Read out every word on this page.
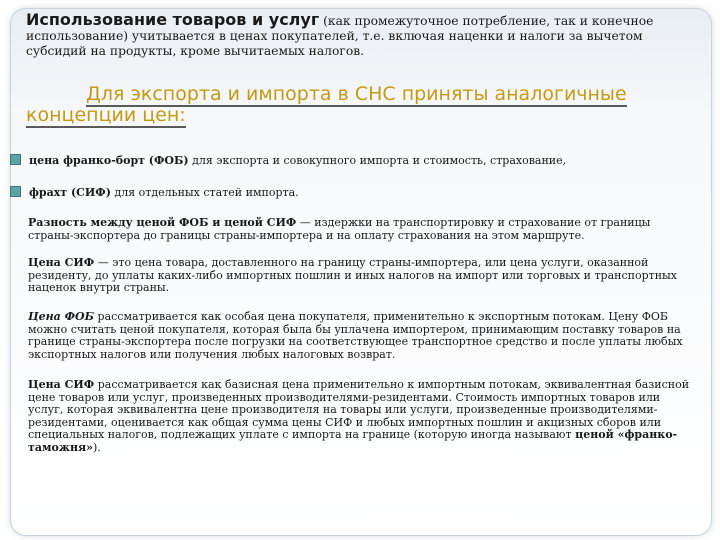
Использование товаров и услуг (как промежуточное потребление, так и конечное использование) учитывается в ценах покупателей, т.е. включая наценки и налоги за вычетом субсидий на продукты, кроме вычитаемых налогов.
Для экспорта и импорта в СНС приняты аналогичные
концепции цен:
цена франко-борт (ФОБ) для экспорта и совокупного импорта и стоимость, страхование,
фрахт (СИФ) для отдельных статей импорта.
Разность между ценой ФОБ и ценой СИФ — издержки на транспортировку и страхование от границы страны-экспортера до границы страны-импортера и на оплату страхования на этом маршруте.
Цена СИФ — это цена товара, доставленного на границу страны-импортера, или цена услуги, оказанной резиденту, до уплаты каких-либо импортных пошлин и иных налогов на импорт или торговых и транспортных наценок внутри страны.
Цена ФОБ рассматривается как особая цена покупателя, применительно к экспортным потокам. Цену ФОБ можно считать ценой покупателя, которая была бы уплачена импортером, принимающим поставку товаров на границе страны-экспортера после погрузки на соответствующее транспортное средство и после уплаты любых экспортных налогов или получения любых налоговых возврат.
Цена СИФ рассматривается как базисная цена применительно к импортным потокам, эквивалентная базисной цене товаров или услуг, произведенных производителями-резидентами. Стоимость импортных товаров или услуг, которая эквивалентна цене производителя на товары или услуги, произведенные производителями-резидентами, оценивается как общая сумма цены СИФ и любых импортных пошлин и акцизных сборов или специальных налогов, подлежащих уплате с импорта на границе (которую иногда называют ценой «франко-таможня»).
